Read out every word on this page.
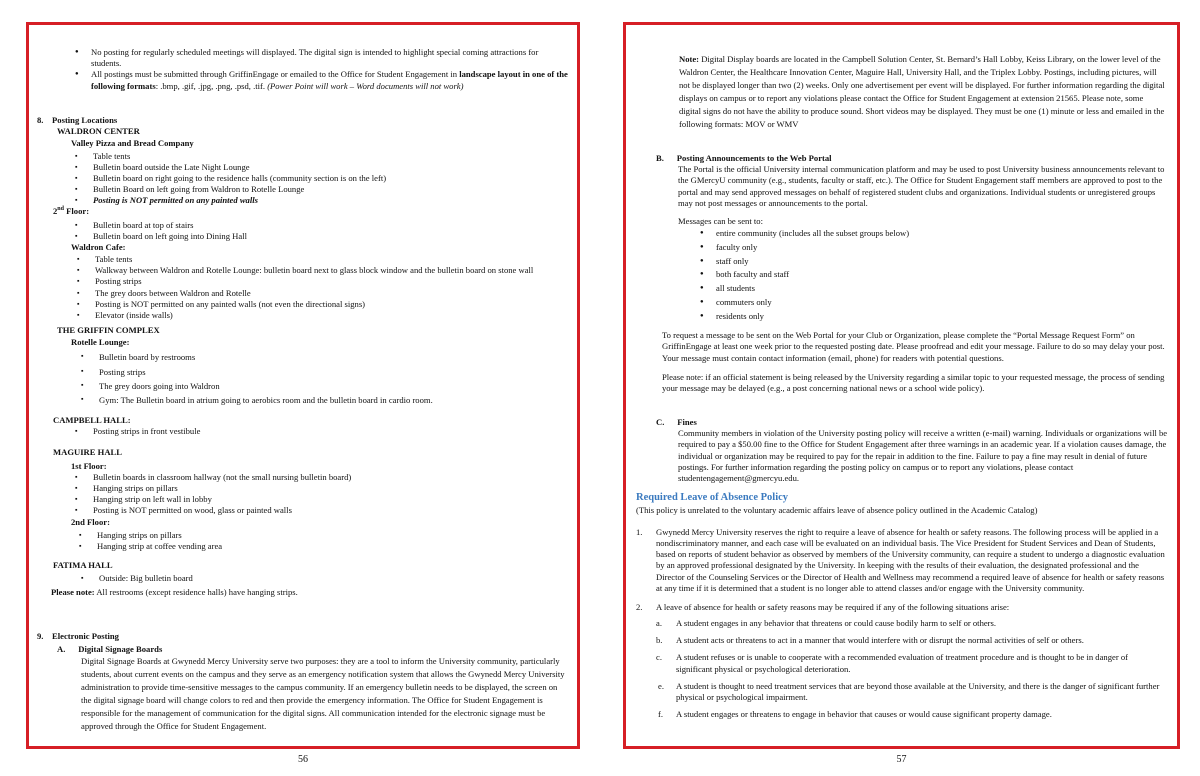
● No posting for regularly scheduled meetings will displayed. The digital sign is intended to highlight special coming attractions for students.
● All postings must be submitted through GriffinEngage or emailed to the Office for Student Engagement in landscape layout in one of the following formats: .bmp, .gif, .jpg, .png, .psd, .tif. (Power Point will work – Word documents will not work)

8. Posting Locations

WALDRON CENTER

Valley Pizza and Bread Company

▪ Table tents
▪ Bulletin board outside the Late Night Lounge
▪ Bulletin board on right going to the residence halls (community section is on the left)
▪ Bulletin Board on left going from Waldron to Rotelle Lounge
▪ Posting is NOT permitted on any painted walls

2nd Floor:

▪ Bulletin board at top of stairs
▪ Bulletin board on left going into Dining Hall

Waldron Cafe:

▪ Table tents
▪ Walkway between Waldron and Rotelle Lounge: bulletin board next to glass block window and the bulletin board on stone wall
▪ Posting strips
▪ The grey doors between Waldron and Rotelle
▪ Posting is NOT permitted on any painted walls (not even the directional signs)
▪ Elevator (inside walls)

THE GRIFFIN COMPLEX

Rotelle Lounge:

▪ Bulletin board by restrooms
▪ Posting strips
▪ The grey doors going into Waldron
▪ Gym: The Bulletin board in atrium going to aerobics room and the bulletin board in cardio room.

CAMPBELL HALL:

▪ Posting strips in front vestibule

MAGUIRE HALL

1st Floor:

▪ Bulletin boards in classroom hallway (not the small nursing bulletin board)
▪ Hanging strips on pillars
▪ Hanging strip on left wall in lobby
▪ Posting is NOT permitted on wood, glass or painted walls

2nd Floor:

▪ Hanging strips on pillars
▪ Hanging strip at coffee vending area

FATIMA HALL

▪ Outside: Big bulletin board

Please note: All restrooms (except residence halls) have hanging strips.

9. Electronic Posting

A. Digital Signage Boards

Digital Signage Boards at Gwynedd Mercy University serve two purposes: they are a tool to inform the University community, particularly students, about current events on the campus and they serve as an emergency notification system that allows the Gwynedd Mercy University administration to provide time-sensitive messages to the campus community. If an emergency bulletin needs to be displayed, the screen on the digital signage board will change colors to red and then provide the emergency information. The Office for Student Engagement is responsible for the management of communication for the digital signs. All communication intended for the electronic signage must be approved through the Office for Student Engagement.

56
Note: Digital Display boards are located in the Campbell Solution Center, St. Bernard’s Hall Lobby, Keiss Library, on the lower level of the Waldron Center, the Healthcare Innovation Center, Maguire Hall, University Hall, and the Triplex Lobby. Postings, including pictures, will not be displayed longer than two (2) weeks. Only one advertisement per event will be displayed. For further information regarding the digital displays on campus or to report any violations please contact the Office for Student Engagement at extension 21565. Please note, some digital signs do not have the ability to produce sound. Short videos may be displayed. They must be one (1) minute or less and emailed in the following formats: MOV or WMV

B. Posting Announcements to the Web Portal

The Portal is the official University internal communication platform and may be used to post University business announcements relevant to the GMercyU community (e.g., students, faculty or staff, etc.). The Office for Student Engagement staff members are approved to post to the portal and may send approved messages on behalf of registered student clubs and organizations. Individual students or unregistered groups may not post messages or announcements to the portal.

Messages can be sent to:

● entire community (includes all the subset groups below)
● faculty only
● staff only
● both faculty and staff
● all students
● commuters only
● residents only

To request a message to be sent on the Web Portal for your Club or Organization, please complete the “Portal Message Request Form” on GriffinEngage at least one week prior to the requested posting date. Please proofread and edit your message. Failure to do so may delay your post. Your message must contain contact information (email, phone) for readers with potential questions.

Please note: if an official statement is being released by the University regarding a similar topic to your requested message, the process of sending your message may be delayed (e.g., a post concerning national news or a school wide policy).

C. Fines

Community members in violation of the University posting policy will receive a written (e-mail) warning. Individuals or organizations will be required to pay a $50.00 fine to the Office for Student Engagement after three warnings in an academic year. If a violation causes damage, the individual or organization may be required to pay for the repair in addition to the fine. Failure to pay a fine may result in denial of future postings. For further information regarding the posting policy on campus or to report any violations, please contact studentengagement@gmercyu.edu.

Required Leave of Absence Policy

(This policy is unrelated to the voluntary academic affairs leave of absence policy outlined in the Academic Catalog)

1. Gwynedd Mercy University reserves the right to require a leave of absence for health or safety reasons. The following process will be applied in a nondiscriminatory manner, and each case will be evaluated on an individual basis. The Vice President for Student Services and Dean of Students, based on reports of student behavior as observed by members of the University community, can require a student to undergo a diagnostic evaluation by an approved professional designated by the University. In keeping with the results of their evaluation, the designated professional and the Director of the Counseling Services or the Director of Health and Wellness may recommend a required leave of absence for health or safety reasons at any time if it is determined that a student is no longer able to attend classes and/or engage with the University community.
2. A leave of absence for health or safety reasons may be required if any of the following situations arise:
a. A student engages in any behavior that threatens or could cause bodily harm to self or others.
b. A student acts or threatens to act in a manner that would interfere with or disrupt the normal activities of self or others.
c. A student refuses or is unable to cooperate with a recommended evaluation of treatment procedure and is thought to be in danger of significant physical or psychological deterioration.
e. A student is thought to need treatment services that are beyond those available at the University, and there is the danger of significant further physical or psychological impairment.
f. A student engages or threatens to engage in behavior that causes or would cause significant property damage.
57
